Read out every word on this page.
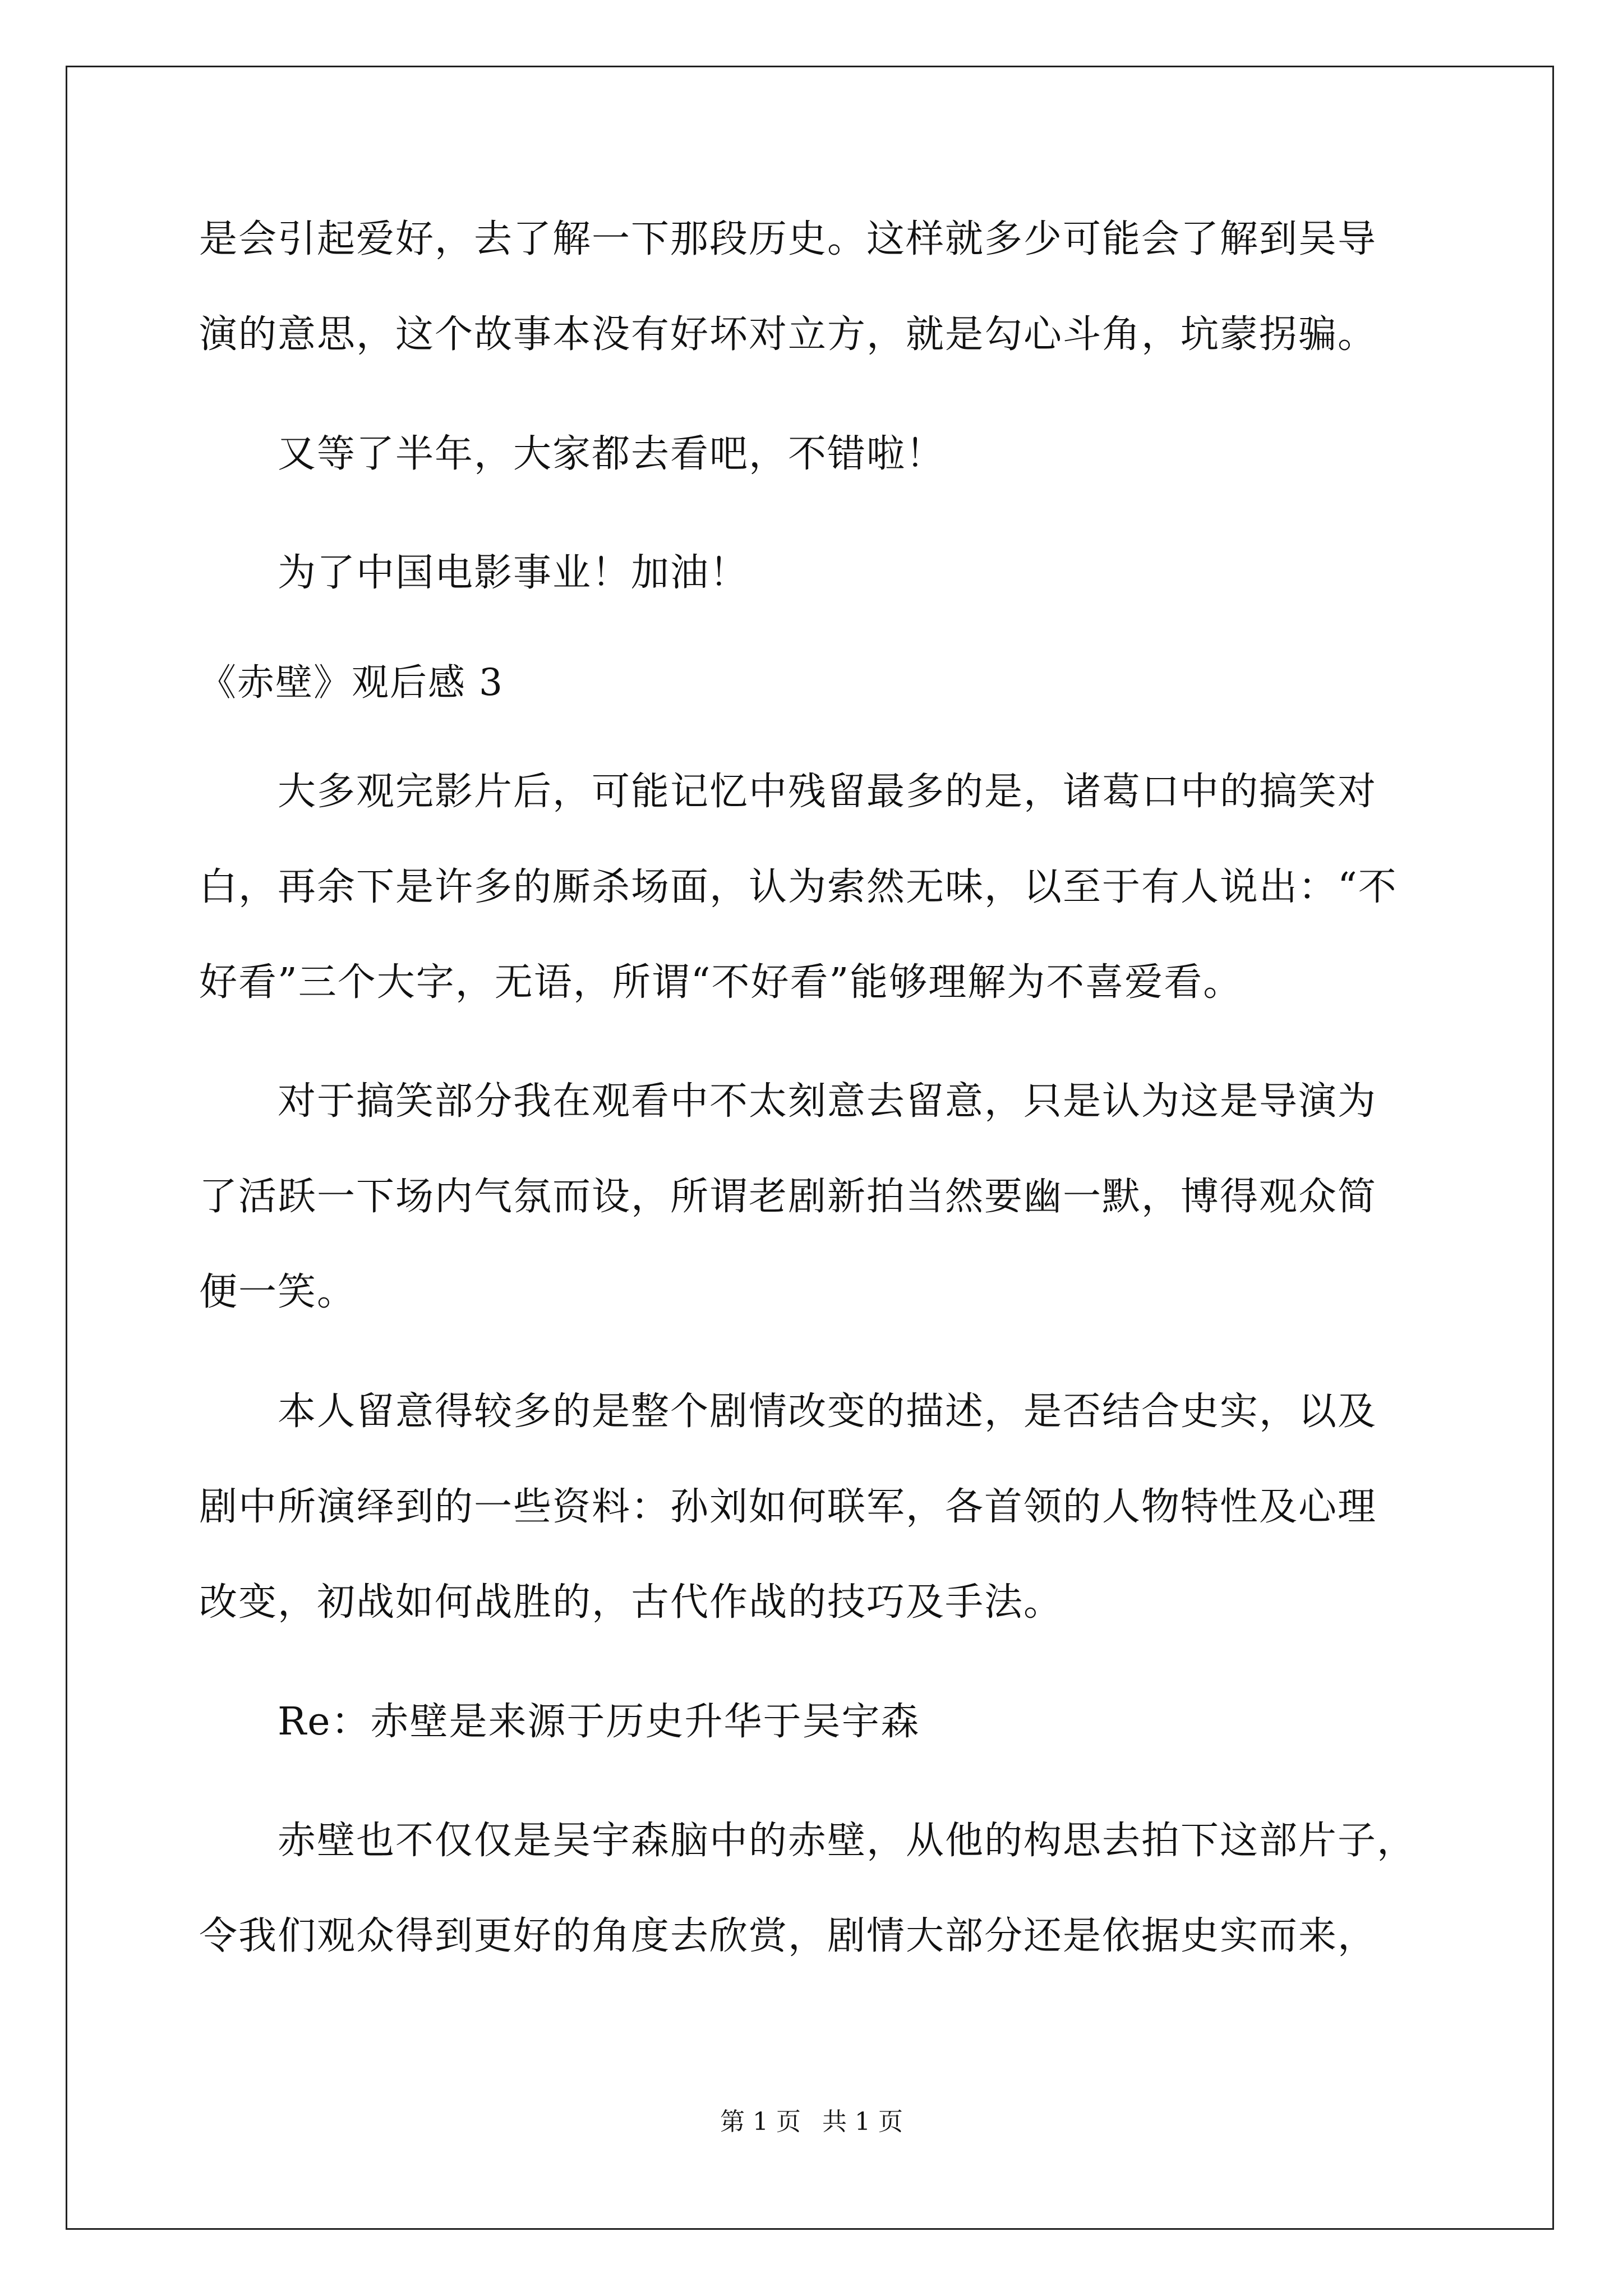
是会引起爱好，去了解一下那段历史。这样就多少可能会了解到吴导
演的意思，这个故事本没有好坏对立方，就是勾心斗角，坑蒙拐骗。
又等了半年，大家都去看吧，不错啦！
为了中国电影事业！加油！
《赤壁》观后感 3
大多观完影片后，可能记忆中残留最多的是，诸葛口中的搞笑对
白，再余下是许多的厮杀场面，认为索然无味，以至于有人说出：“不
好看”三个大字，无语，所谓“不好看”能够理解为不喜爱看。
对于搞笑部分我在观看中不太刻意去留意，只是认为这是导演为
了活跃一下场内气氛而设，所谓老剧新拍当然要幽一默，博得观众简
便一笑。
本人留意得较多的是整个剧情改变的描述，是否结合史实，以及
剧中所演绎到的一些资料：孙刘如何联军，各首领的人物特性及心理
改变，初战如何战胜的，古代作战的技巧及手法。
Re：赤壁是来源于历史升华于吴宇森
赤壁也不仅仅是吴宇森脑中的赤壁，从他的构思去拍下这部片子，
令我们观众得到更好的角度去欣赏，剧情大部分还是依据史实而来，
第 1 页 共 1 页
